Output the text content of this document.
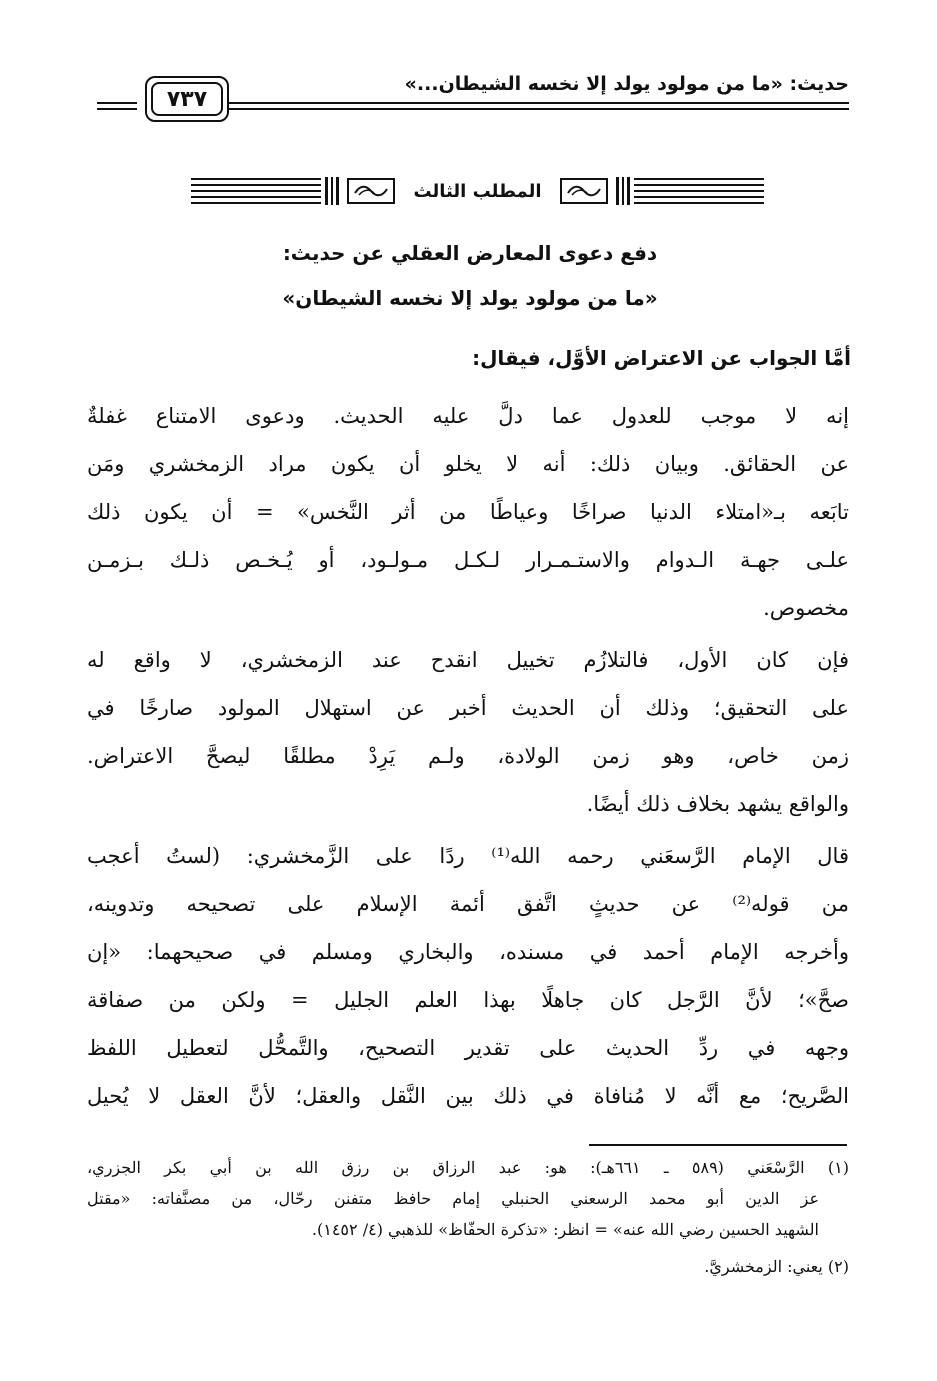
حديث: «ما من مولود يولد إلا نخسه الشيطان...»
٧٣٧
المطلب الثالث
دفع دعوى المعارض العقلي عن حديث:
«ما من مولود يولد إلا نخسه الشيطان»
أمَّا الجواب عن الاعتراض الأوَّل، فيقال:
إنه لا موجب للعدول عما دلَّ عليه الحديث. ودعوى الامتناع غفلةٌ
عن الحقائق. وبيان ذلك: أنه لا يخلو أن يكون مراد الزمخشري ومَن
تابَعه بـ«امتلاء الدنيا صراخًا وعياطًا من أثر النَّخس» = أن يكون ذلك
علـى جهـة الـدوام والاستـمـرار لـكـل مـولـود، أو يُـخـص ذلـك بـزمـن
مخصوص.
فإن كان الأول، فالتلازُم تخييل انقدح عند الزمخشري، لا واقع له
على التحقيق؛ وذلك أن الحديث أخبر عن استهلال المولود صارخًا في
زمن خاص، وهو زمن الولادة، ولـم يَرِدْ مطلقًا ليصحَّ الاعتراض.
والواقع يشهد بخلاف ذلك أيضًا.
قال الإمام الرَّسعَني رحمه الله⁽¹⁾ ردًا على الزَّمخشري: (لستُ أعجب
من قوله⁽²⁾ عن حديثٍ اتَّفق أئمة الإسلام على تصحيحه وتدوينه،
وأخرجه الإمام أحمد في مسنده، والبخاري ومسلم في صحيحهما: «إن
صحَّ»؛ لأنَّ الرَّجل كان جاهلًا بهذا العلم الجليل = ولكن من صفاقة
وجهه في ردِّ الحديث على تقدير التصحيح، والتَّمحُّل لتعطيل اللفظ
الصَّريح؛ مع أنَّه لا مُنافاة في ذلك بين النَّقل والعقل؛ لأنَّ العقل لا يُحيل
(١) الرَّسْعَني (٥٨٩ ـ ٦٦١هـ): هو: عبد الرزاق بن رزق الله بن أبي بكر الجزري،
عز الدين أبو محمد الرسعني الحنبلي إمام حافظ متفنن رحّال، من مصنَّفاته: «مقتل
الشهيد الحسين رضي الله عنه» = انظر: «تذكرة الحفّاظ» للذهبي (٤/ ١٤٥٢).
(٢) يعني: الزمخشريَّ.
